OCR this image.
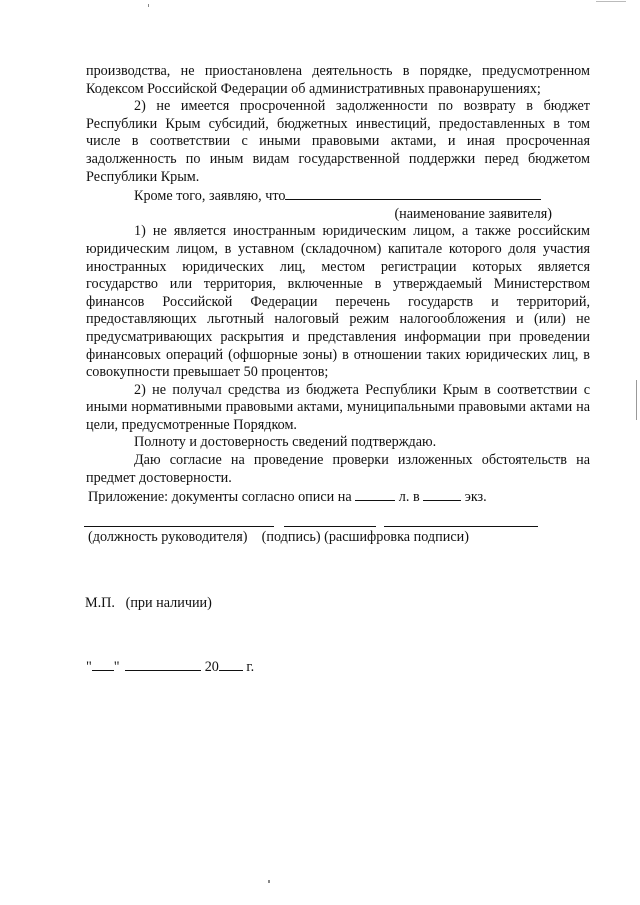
производства, не приостановлена деятельность в порядке, предусмотренном Кодексом Российской Федерации об административных правонарушениях;

2) не имеется просроченной задолженности по возврату в бюджет Республики Крым субсидий, бюджетных инвестиций, предоставленных в том числе в соответствии с иными правовыми актами, и иная просроченная задолженность по иным видам государственной поддержки перед бюджетом Республики Крым.

Кроме того, заявляю, что

(наименование заявителя)

1) не является иностранным юридическим лицом, а также российским юридическим лицом, в уставном (складочном) капитале которого доля участия иностранных юридических лиц, местом регистрации которых является государство или территория, включенные в утверждаемый Министерством финансов Российской Федерации перечень государств и территорий, предоставляющих льготный налоговый режим налогообложения и (или) не предусматривающих раскрытия и представления информации при проведении финансовых операций (офшорные зоны) в отношении таких юридических лиц, в совокупности превышает 50 процентов;

2) не получал средства из бюджета Республики Крым в соответствии с иными нормативными правовыми актами, муниципальными правовыми актами на цели, предусмотренные Порядком.

Полноту и достоверность сведений подтверждаю.

Даю согласие на проведение проверки изложенных обстоятельств на предмет достоверности.

Приложение: документы согласно описи на	л. в	экз.

(должность руководителя)    (подпись) (расшифровка подписи)
М.П.   (при наличии)
" "	20 г.
